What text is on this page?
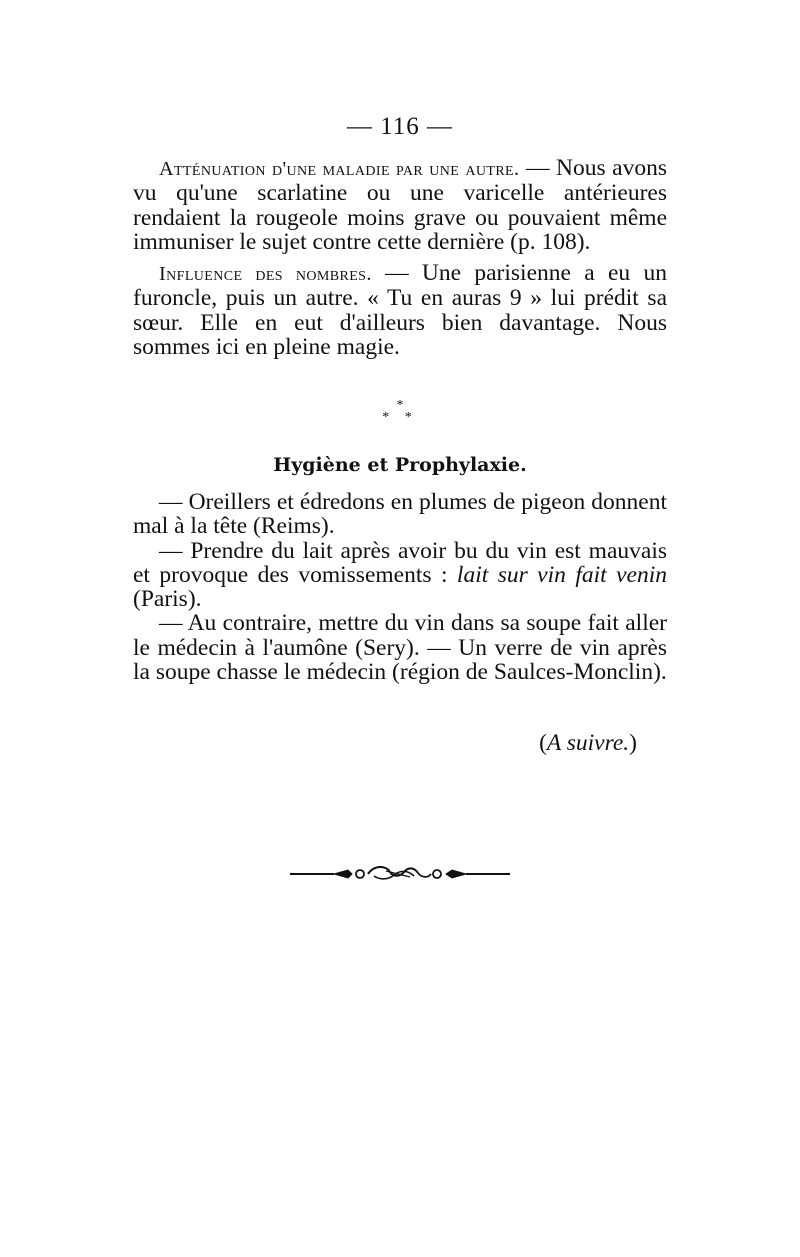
— 116 —

Atténuation d'une maladie par une autre. — Nous avons vu qu'une scarlatine ou une varicelle antérieures rendaient la rougeole moins grave ou pouvaient même immuniser le sujet contre cette dernière (p. 108).

Influence des nombres. — Une parisienne a eu un furoncle, puis un autre. « Tu en auras 9 » lui prédit sa sœur. Elle en eut d'ailleurs bien davantage. Nous sommes ici en pleine magie.

*
* *
Hygiène et Prophylaxie.

— Oreillers et édredons en plumes de pigeon donnent mal à la tête (Reims).

— Prendre du lait après avoir bu du vin est mauvais et provoque des vomissements : lait sur vin fait venin (Paris).

— Au contraire, mettre du vin dans sa soupe fait aller le médecin à l'aumône (Sery). — Un verre de vin après la soupe chasse le médecin (région de Saulces-Monclin).

(A suivre.)
